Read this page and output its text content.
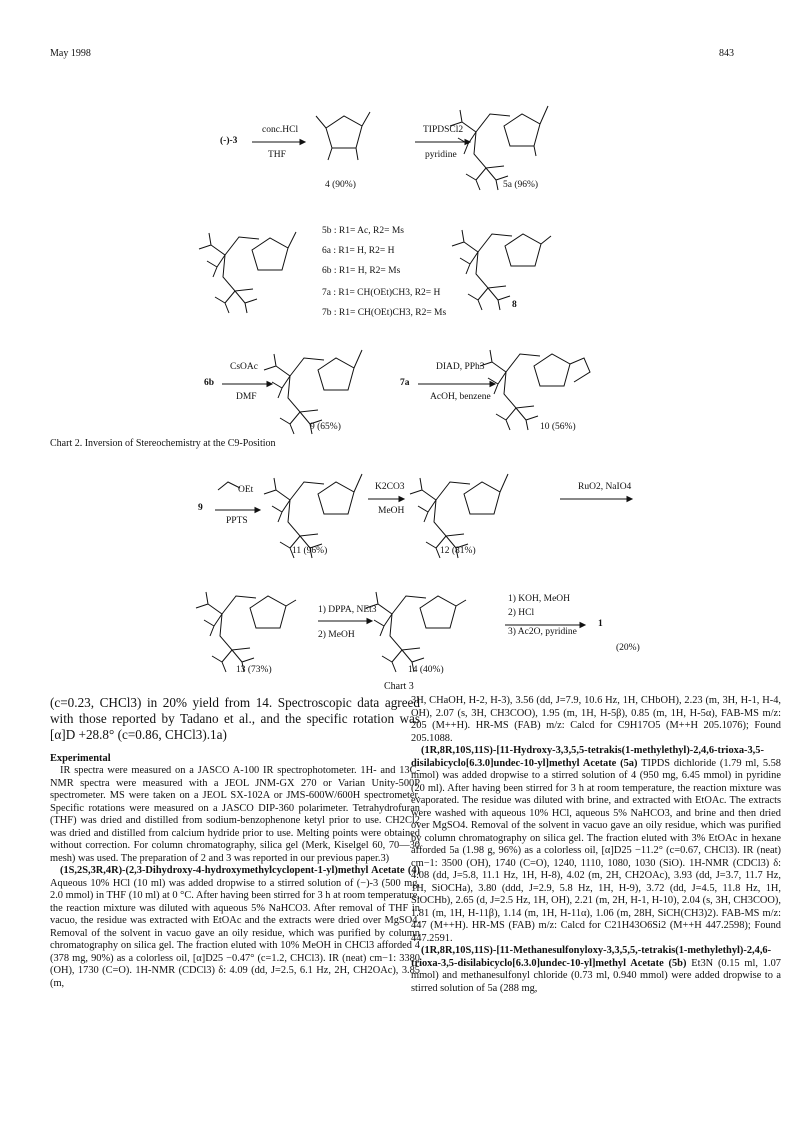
May 1998	843
(-)-3
conc.HCl
THF
4 (90%)
TIPDSCl2
pyridine
5a (96%)
5b : R1= Ac, R2= Ms
6a : R1= H, R2= H
6b : R1= H, R2= Ms
7a : R1= CH(OEt)CH3, R2= H
7b : R1= CH(OEt)CH3, R2= Ms
8
6b
CsOAc
DMF
9 (65%)
7a
DIAD, PPh3
AcOH, benzene
10 (56%)
Chart 2. Inversion of Stereochemistry at the C9-Position
9
OEt
PPTS
11 (96%)
K2CO3
MeOH
12 (81%)
RuO2, NaIO4
13 (73%)
1) DPPA, NEt3
2) MeOH
14 (40%)
1) KOH, MeOH
2) HCl
3) Ac2O, pyridine
1
(20%)
Chart 3

(c=0.23, CHCl3) in 20% yield from 14. Spectroscopic data agreed with those reported by Tadano et al., and the specific rotation was [α]D +28.8° (c=0.86, CHCl3).1a)

Experimental

IR spectra were measured on a JASCO A-100 IR spectrophotometer. 1H- and 13C-NMR spectra were measured with a JEOL JNM-GX 270 or Varian Unity-500P spectrometer. MS were taken on a JEOL SX-102A or JMS-600W/600H spectrometer. Specific rotations were measured on a JASCO DIP-360 polarimeter. Tetrahydrofuran (THF) was dried and distilled from sodium-benzophenone ketyl prior to use. CH2Cl2 was dried and distilled from calcium hydride prior to use. Melting points were obtained without correction. For column chromatography, silica gel (Merk, Kiselgel 60, 70—30 mesh) was used. The preparation of 2 and 3 was reported in our previous paper.3)

(1S,2S,3R,4R)-(2,3-Dihydroxy-4-hydroxymethylcyclopent-1-yl)methyl Acetate (4) Aqueous 10% HCl (10 ml) was added dropwise to a stirred solution of (−)-3 (500 mg, 2.0 mmol) in THF (10 ml) at 0 °C. After having been stirred for 3 h at room temperature, the reaction mixture was diluted with aqueous 5% NaHCO3. After removal of THF in vacuo, the residue was extracted with EtOAc and the extracts were dried over MgSO4. Removal of the solvent in vacuo gave an oily residue, which was purified by column chromatography on silica gel. The fraction eluted with 10% MeOH in CHCl3 afforded 4 (378 mg, 90%) as a colorless oil, [α]D25 −0.47° (c=1.2, CHCl3). IR (neat) cm−1: 3380 (OH), 1730 (C=O). 1H-NMR (CDCl3) δ: 4.09 (dd, J=2.5, 6.1 Hz, 2H, CH2OAc), 3.85 (m,

3H, CHaOH, H-2, H-3), 3.56 (dd, J=7.9, 10.6 Hz, 1H, CHbOH), 2.23 (m, 3H, H-1, H-4, OH), 2.07 (s, 3H, CH3COO), 1.95 (m, 1H, H-5β), 0.85 (m, 1H, H-5α), FAB-MS m/z: 205 (M++H). HR-MS (FAB) m/z: Calcd for C9H17O5 (M++H 205.1076); Found 205.1088.

(1R,8R,10S,11S)-[11-Hydroxy-3,3,5,5-tetrakis(1-methylethyl)-2,4,6-trioxa-3,5-disilabicyclo[6.3.0]undec-10-yl]methyl Acetate (5a) TIPDS dichloride (1.79 ml, 5.58 mmol) was added dropwise to a stirred solution of 4 (950 mg, 6.45 mmol) in pyridine (20 ml). After having been stirred for 3 h at room temperature, the reaction mixture was evaporated. The residue was diluted with brine, and extracted with EtOAc. The extracts were washed with aqueous 10% HCl, aqueous 5% NaHCO3, and brine and then dried over MgSO4. Removal of the solvent in vacuo gave an oily residue, which was purified by column chromatography on silica gel. The fraction eluted with 3% EtOAc in hexane afforded 5a (1.98 g, 96%) as a colorless oil, [α]D25 −11.2° (c=0.67, CHCl3). IR (neat) cm−1: 3500 (OH), 1740 (C=O), 1240, 1110, 1080, 1030 (SiO). 1H-NMR (CDCl3) δ: 4.08 (dd, J=5.8, 11.1 Hz, 1H, H-8), 4.02 (m, 2H, CH2OAc), 3.93 (dd, J=3.7, 11.7 Hz, 1H, SiOCHa), 3.80 (ddd, J=2.9, 5.8 Hz, 1H, H-9), 3.72 (dd, J=4.5, 11.8 Hz, 1H, SiOCHb), 2.65 (d, J=2.5 Hz, 1H, OH), 2.21 (m, 2H, H-1, H-10), 2.04 (s, 3H, CH3COO), 1.81 (m, 1H, H-11β), 1.14 (m, 1H, H-11α), 1.06 (m, 28H, SiCH(CH3)2). FAB-MS m/z: 447 (M++H). HR-MS (FAB) m/z: Calcd for C21H43O6Si2 (M++H 447.2598); Found 447.2591.

(1R,8R,10S,11S)-[11-Methanesulfonyloxy-3,3,5,5,-tetrakis(1-methylethyl)-2,4,6-trioxa-3,5-disilabicyclo[6.3.0]undec-10-yl]methyl Acetate (5b) Et3N (0.15 ml, 1.07 mmol) and methanesulfonyl chloride (0.73 ml, 0.940 mmol) were added dropwise to a stirred solution of 5a (288 mg,
